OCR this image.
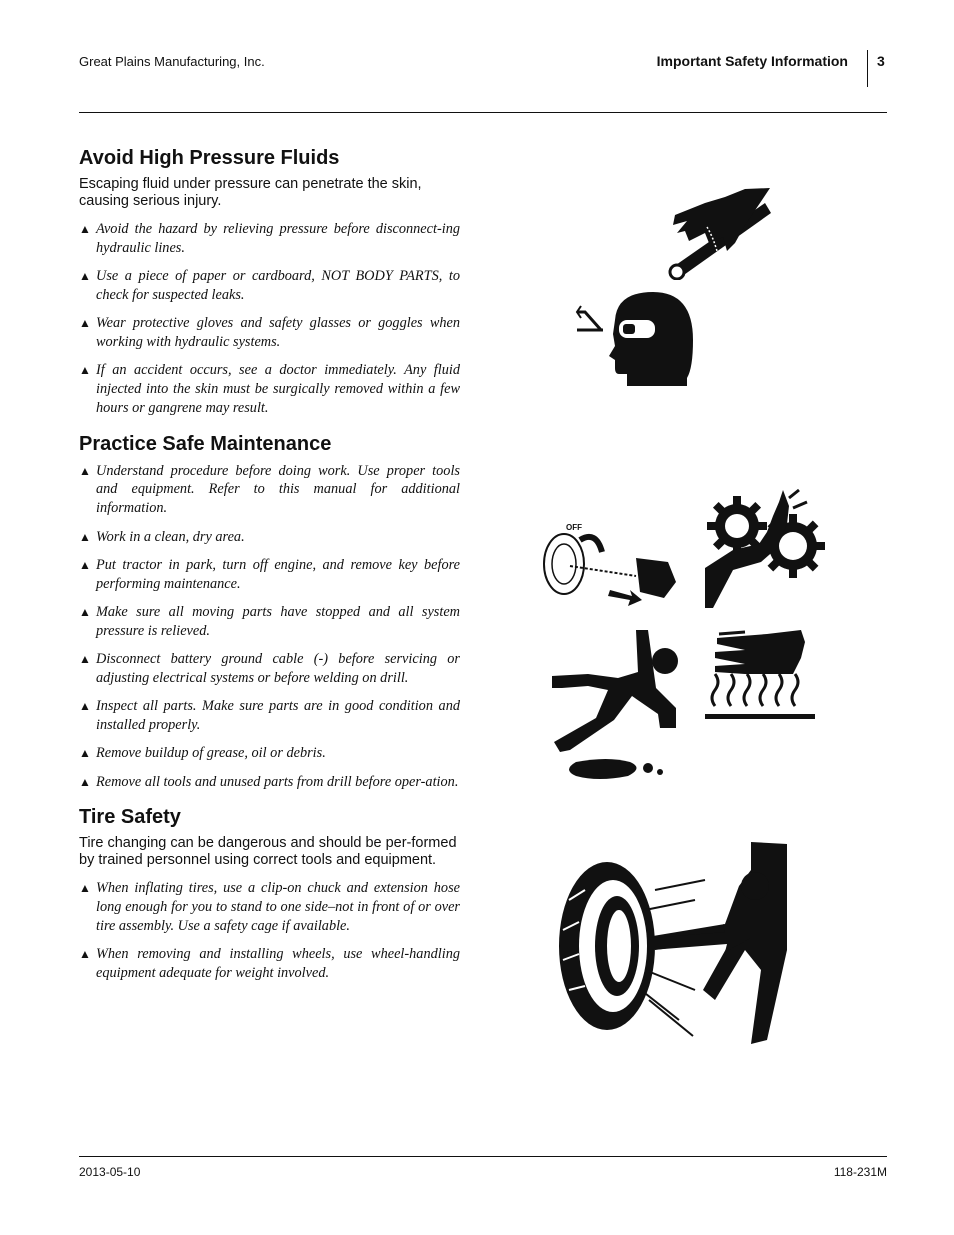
Great Plains Manufacturing, Inc.	Important Safety Information	3
Avoid High Pressure Fluids

Escaping fluid under pressure can penetrate the skin, causing serious injury.

▲ Avoid the hazard by relieving pressure before disconnect-ing hydraulic lines.
▲ Use a piece of paper or cardboard, NOT BODY PARTS, to check for suspected leaks.
▲ Wear protective gloves and safety glasses or goggles when working with hydraulic systems.
▲ If an accident occurs, see a doctor immediately. Any fluid injected into the skin must be surgically removed within a few hours or gangrene may result.
Practice Safe Maintenance
▲ Understand procedure before doing work. Use proper tools and equipment. Refer to this manual for additional information.
▲ Work in a clean, dry area.
▲ Put tractor in park, turn off engine, and remove key before performing maintenance.
▲ Make sure all moving parts have stopped and all system pressure is relieved.
▲ Disconnect battery ground cable (-) before servicing or adjusting electrical systems or before welding on drill.
▲ Inspect all parts. Make sure parts are in good condition and installed properly.
▲ Remove buildup of grease, oil or debris.
▲ Remove all tools and unused parts from drill before oper-ation.
Tire Safety

Tire changing can be dangerous and should be per-formed by trained personnel using correct tools and equipment.

▲ When inflating tires, use a clip-on chuck and extension hose long enough for you to stand to one side–not in front of or over tire assembly. Use a safety cage if available.
▲ When removing and installing wheels, use wheel-handling equipment adequate for weight involved.
OFF
2013-05-10	118-231M
